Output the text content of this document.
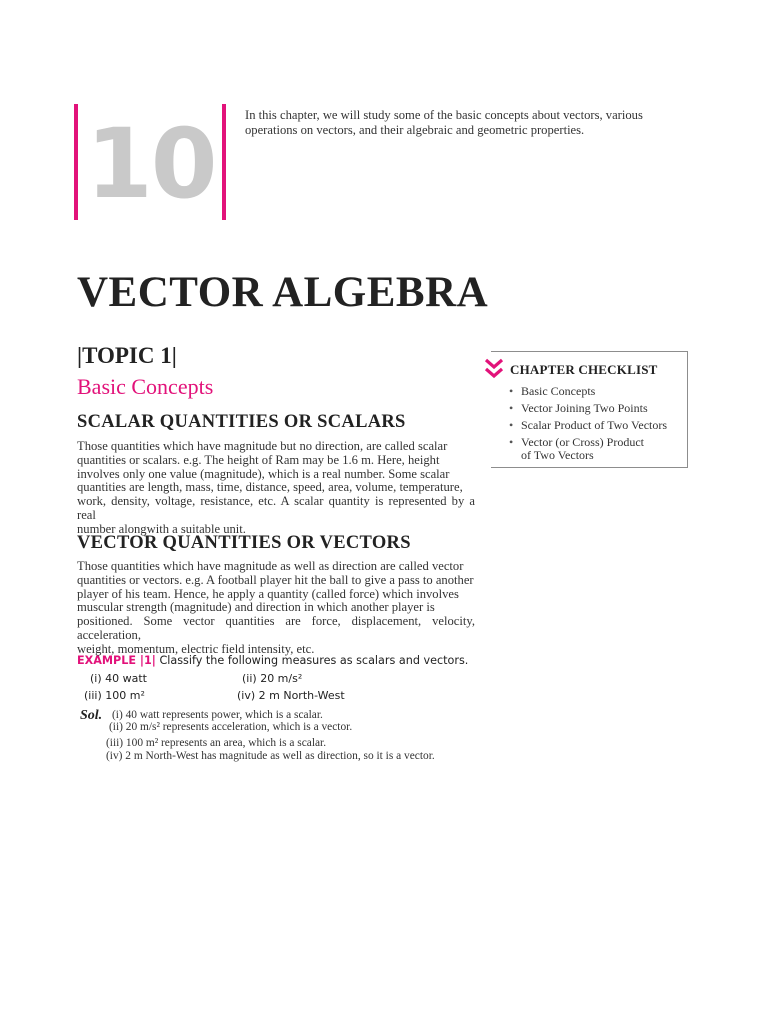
10 In this chapter, we will study some of the basic concepts about vectors, various
operations on vectors, and their algebraic and geometric properties.
VECTOR ALGEBRA
|TOPIC 1|
Basic Concepts
CHAPTER CHECKLIST
• Basic Concepts
• Vector Joining Two Points
• Scalar Product of Two Vectors
• Vector (or Cross) Product
of Two Vectors
SCALAR QUANTITIES OR SCALARS
Those quantities which have magnitude but no direction, are called scalar
quantities or scalars. e.g. The height of Ram may be 1.6 m. Here, height
involves only one value (magnitude), which is a real number. Some scalar
quantities are length, mass, time, distance, speed, area, volume, temperature,
work, density, voltage, resistance, etc. A scalar quantity is represented by a real
number alongwith a suitable unit.
VECTOR QUANTITIES OR VECTORS
Those quantities which have magnitude as well as direction are called vector
quantities or vectors. e.g. A football player hit the ball to give a pass to another
player of his team. Hence, he apply a quantity (called force) which involves
muscular strength (magnitude) and direction in which another player is
positioned. Some vector quantities are force, displacement, velocity, acceleration,
weight, momentum, electric field intensity, etc.
EXAMPLE |1| Classify the following measures as scalars and vectors.
(i) 40 watt	(ii) 20 m/s²
(iii) 100 m²	(iv) 2 m North-West
Sol. (i) 40 watt represents power, which is a scalar.
(ii) 20 m/s² represents acceleration, which is a vector.
(iii) 100 m² represents an area, which is a scalar.
(iv) 2 m North-West has magnitude as well as direction, so it is a vector.
